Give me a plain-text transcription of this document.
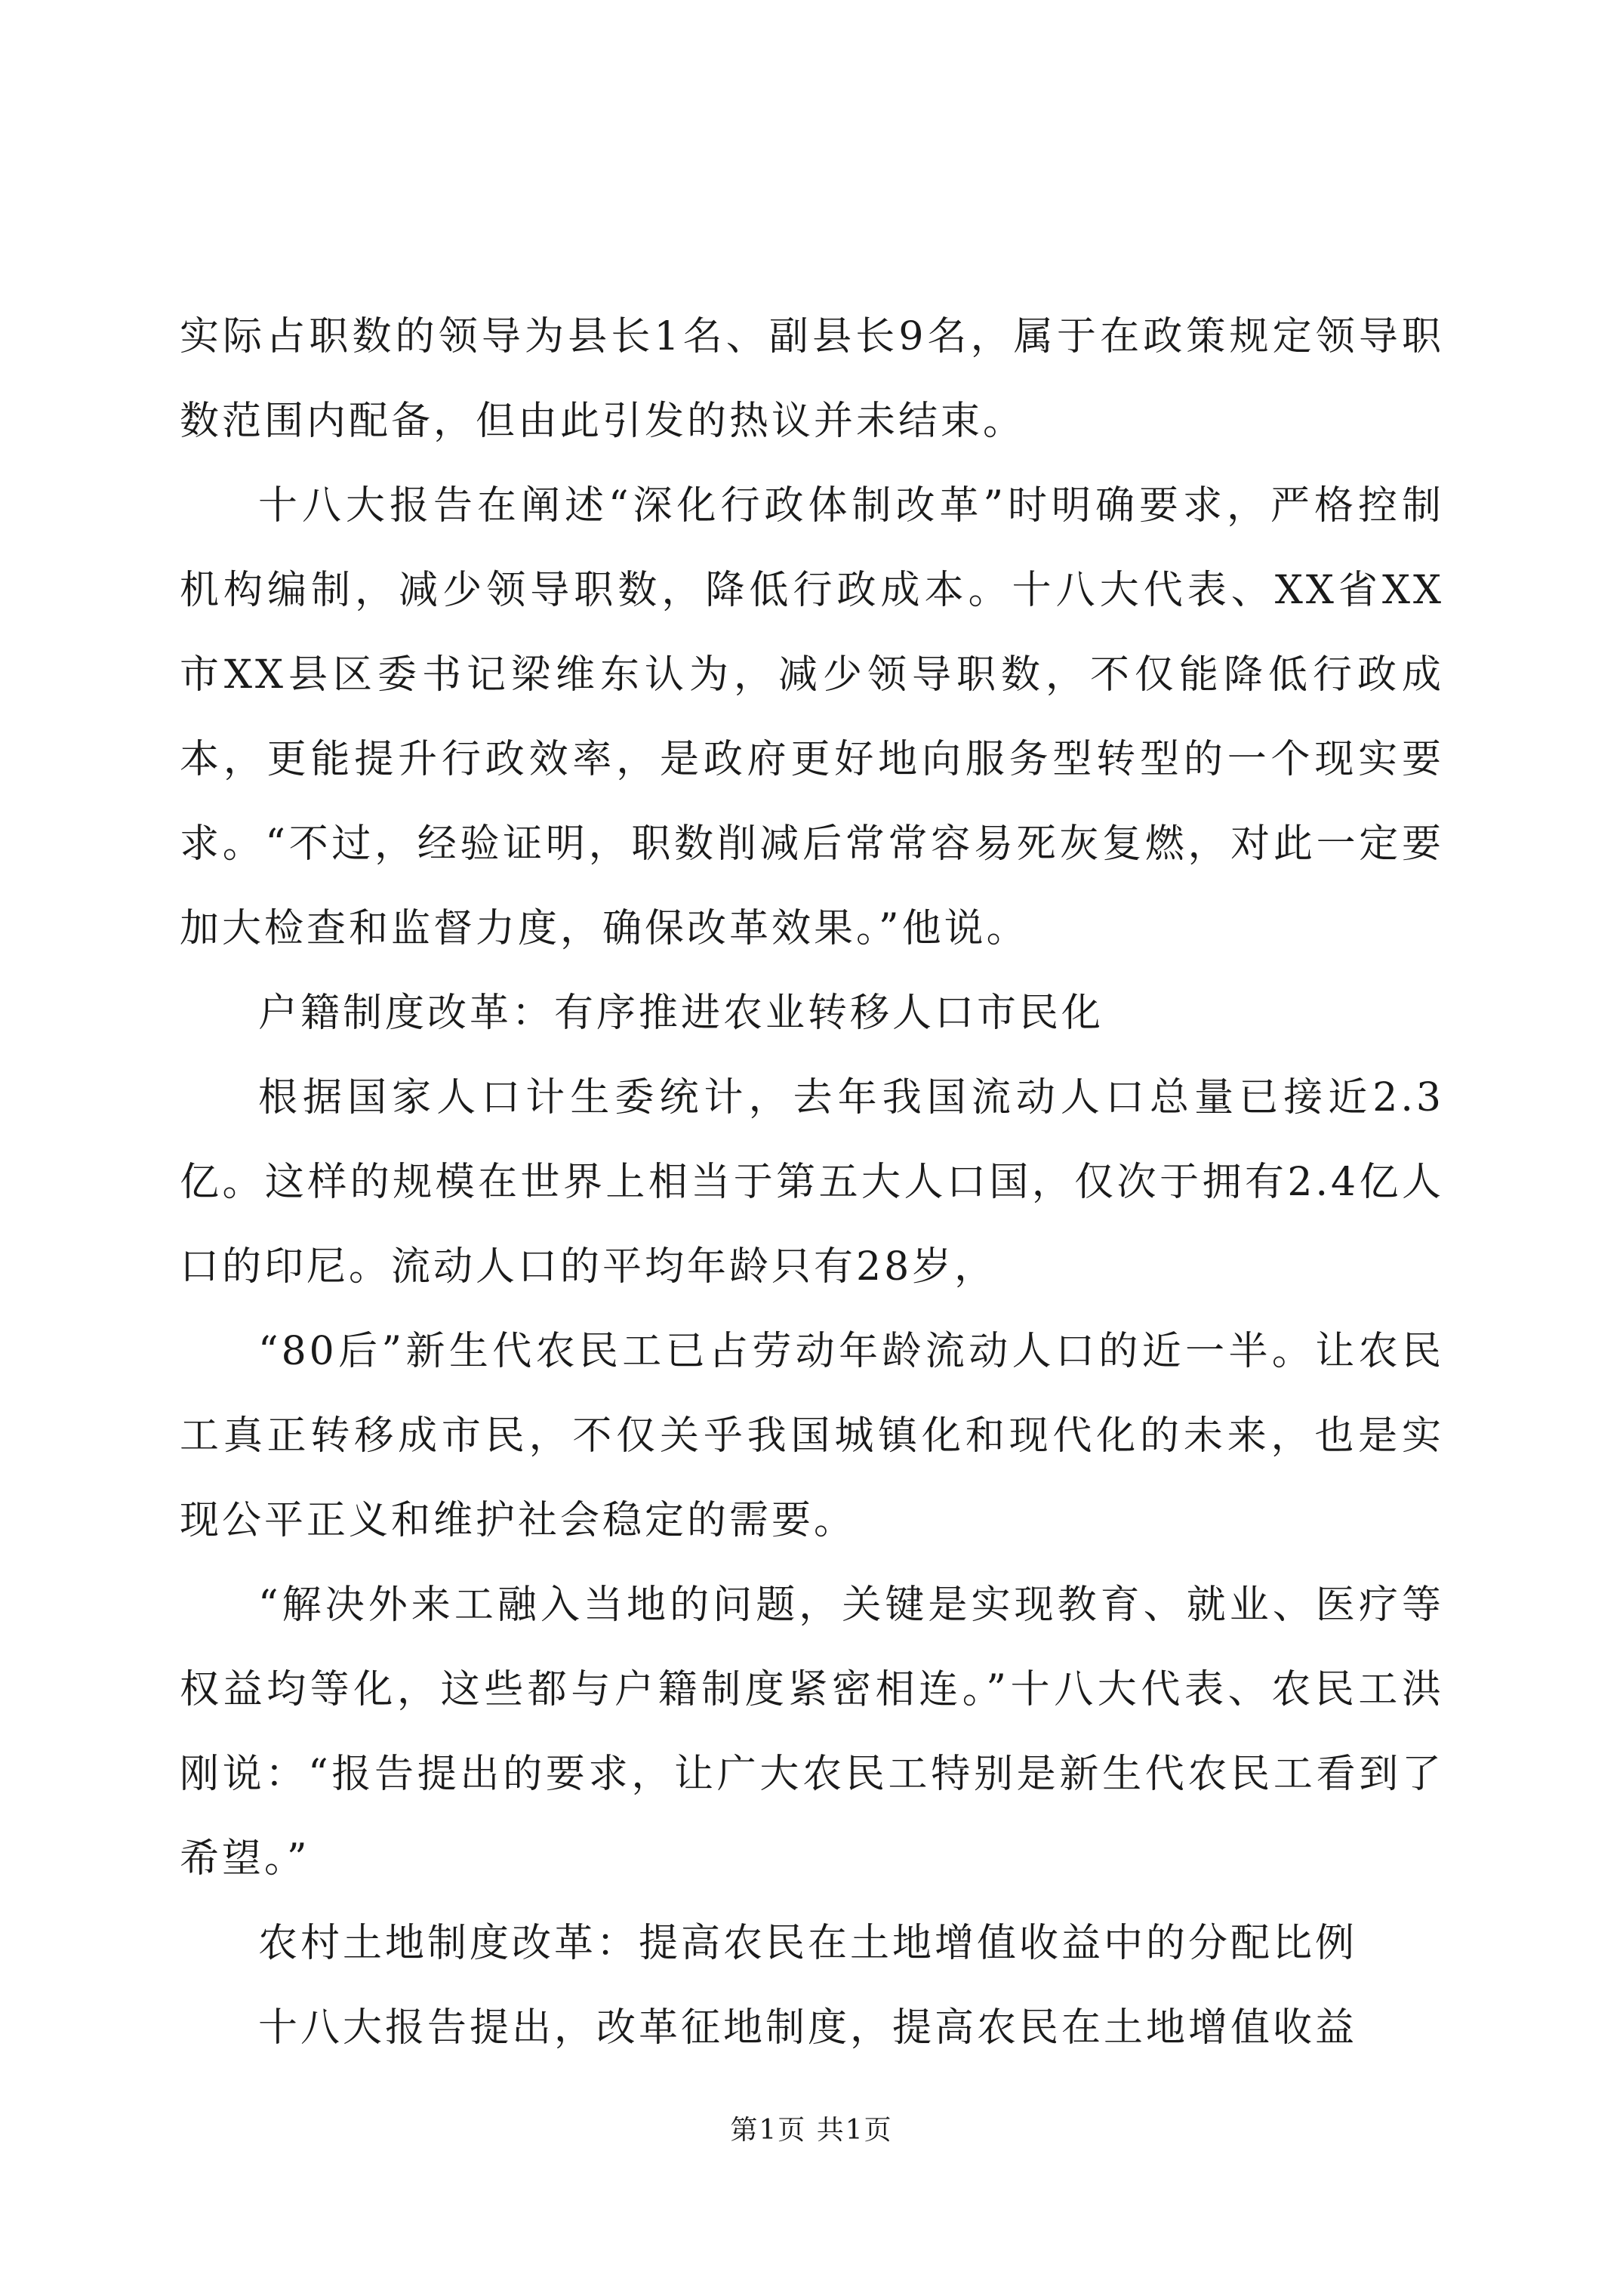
实际占职数的领导为县长1名、副县长9名，属于在政策规定领导职数范围内配备，但由此引发的热议并未结束。

十八大报告在阐述“深化行政体制改革”时明确要求，严格控制机构编制，减少领导职数，降低行政成本。十八大代表、XX省XX市XX县区委书记梁维东认为，减少领导职数，不仅能降低行政成本，更能提升行政效率，是政府更好地向服务型转型的一个现实要求。“不过，经验证明，职数削减后常常容易死灰复燃，对此一定要加大检查和监督力度，确保改革效果。”他说。

户籍制度改革：有序推进农业转移人口市民化

根据国家人口计生委统计，去年我国流动人口总量已接近2.3亿。这样的规模在世界上相当于第五大人口国，仅次于拥有2.4亿人口的印尼。流动人口的平均年龄只有28岁，

“80后”新生代农民工已占劳动年龄流动人口的近一半。让农民工真正转移成市民，不仅关乎我国城镇化和现代化的未来，也是实现公平正义和维护社会稳定的需要。

“解决外来工融入当地的问题，关键是实现教育、就业、医疗等权益均等化，这些都与户籍制度紧密相连。”十八大代表、农民工洪刚说：“报告提出的要求，让广大农民工特别是新生代农民工看到了希望。”

农村土地制度改革：提高农民在土地增值收益中的分配比例

十八大报告提出，改革征地制度，提高农民在土地增值收益

第1页 共1页
